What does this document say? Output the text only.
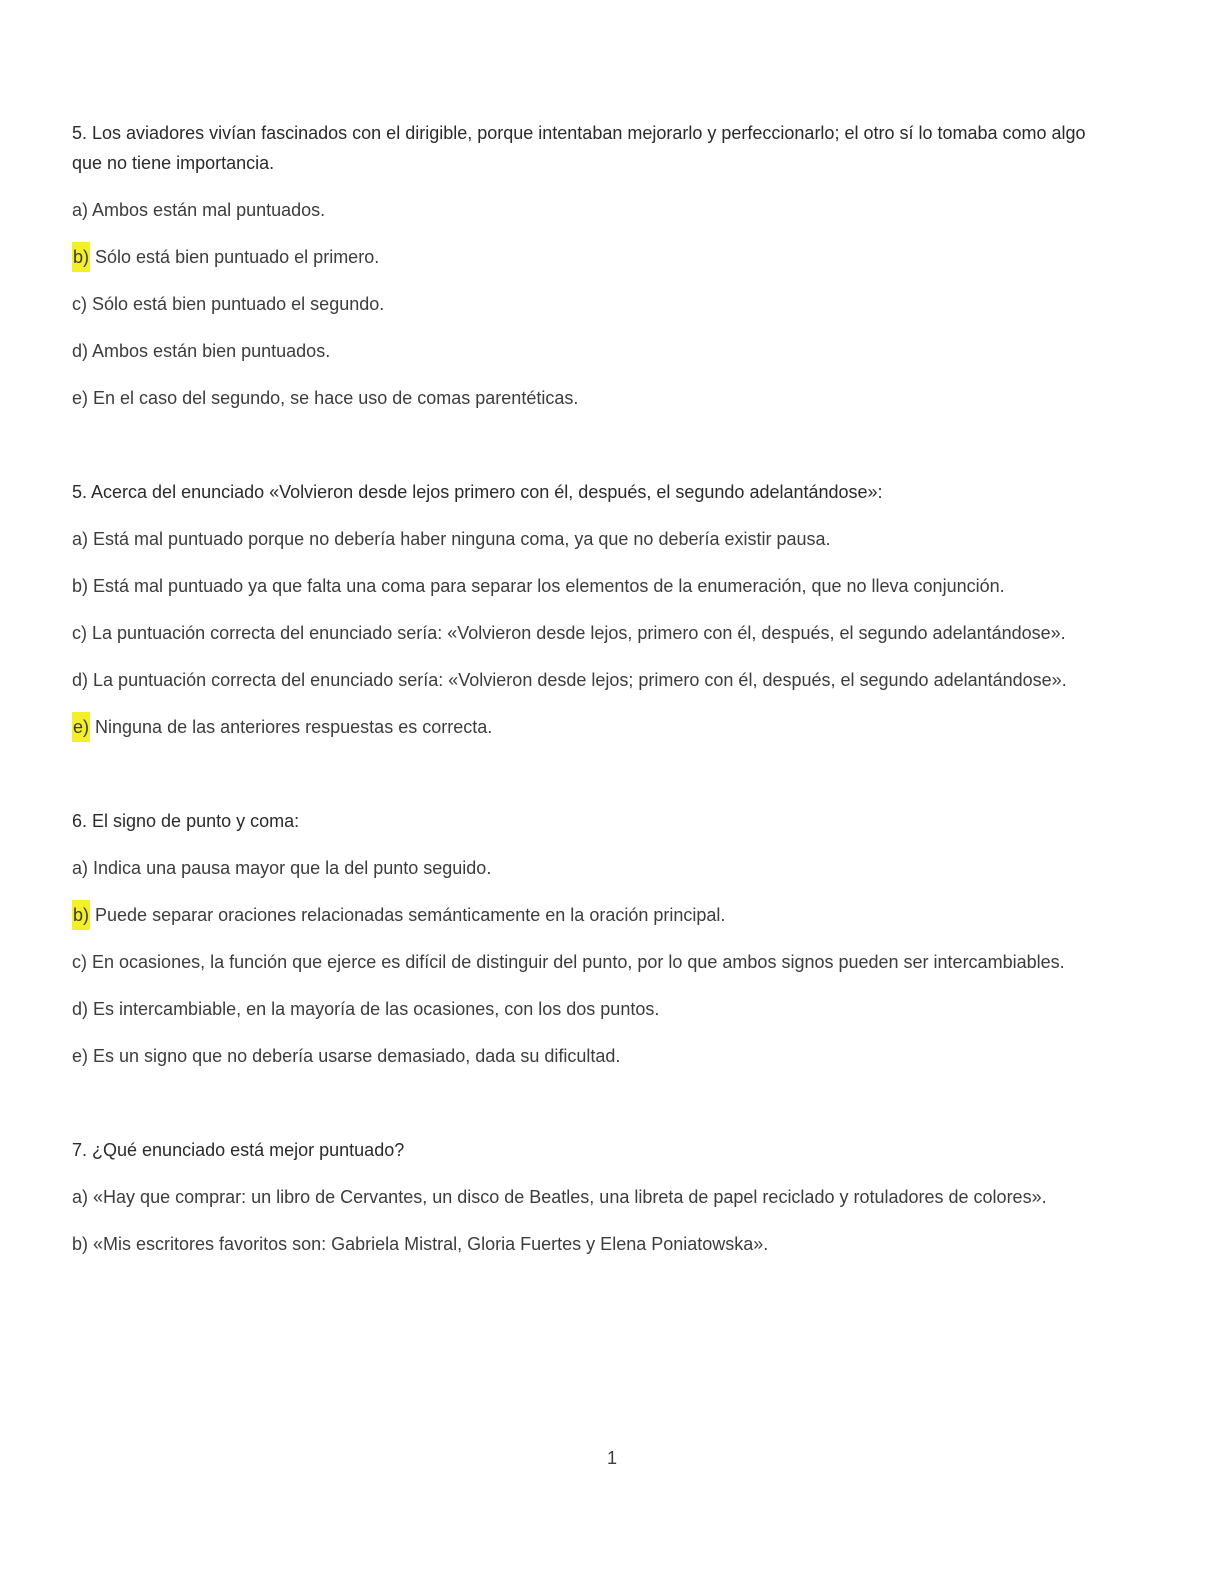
5. Los aviadores vivían fascinados con el dirigible, porque intentaban mejorarlo y perfeccionarlo; el otro sí lo tomaba como algo que no tiene importancia.

a) Ambos están mal puntuados.

b) Sólo está bien puntuado el primero.

c) Sólo está bien puntuado el segundo.

d) Ambos están bien puntuados.

e) En el caso del segundo, se hace uso de comas parentéticas.

5. Acerca del enunciado «Volvieron desde lejos primero con él, después, el segundo adelantándose»:

a) Está mal puntuado porque no debería haber ninguna coma, ya que no debería existir pausa.

b) Está mal puntuado ya que falta una coma para separar los elementos de la enumeración, que no lleva conjunción.

c) La puntuación correcta del enunciado sería: «Volvieron desde lejos, primero con él, después, el segundo adelantándose».

d) La puntuación correcta del enunciado sería: «Volvieron desde lejos; primero con él, después, el segundo adelantándose».

e) Ninguna de las anteriores respuestas es correcta.

6. El signo de punto y coma:

a) Indica una pausa mayor que la del punto seguido.

b) Puede separar oraciones relacionadas semánticamente en la oración principal.

c) En ocasiones, la función que ejerce es difícil de distinguir del punto, por lo que ambos signos pueden ser intercambiables.

d) Es intercambiable, en la mayoría de las ocasiones, con los dos puntos.

e) Es un signo que no debería usarse demasiado, dada su dificultad.

7. ¿Qué enunciado está mejor puntuado?

a) «Hay que comprar: un libro de Cervantes, un disco de Beatles, una libreta de papel reciclado y rotuladores de colores».

b) «Mis escritores favoritos son: Gabriela Mistral, Gloria Fuertes y Elena Poniatowska».

1
